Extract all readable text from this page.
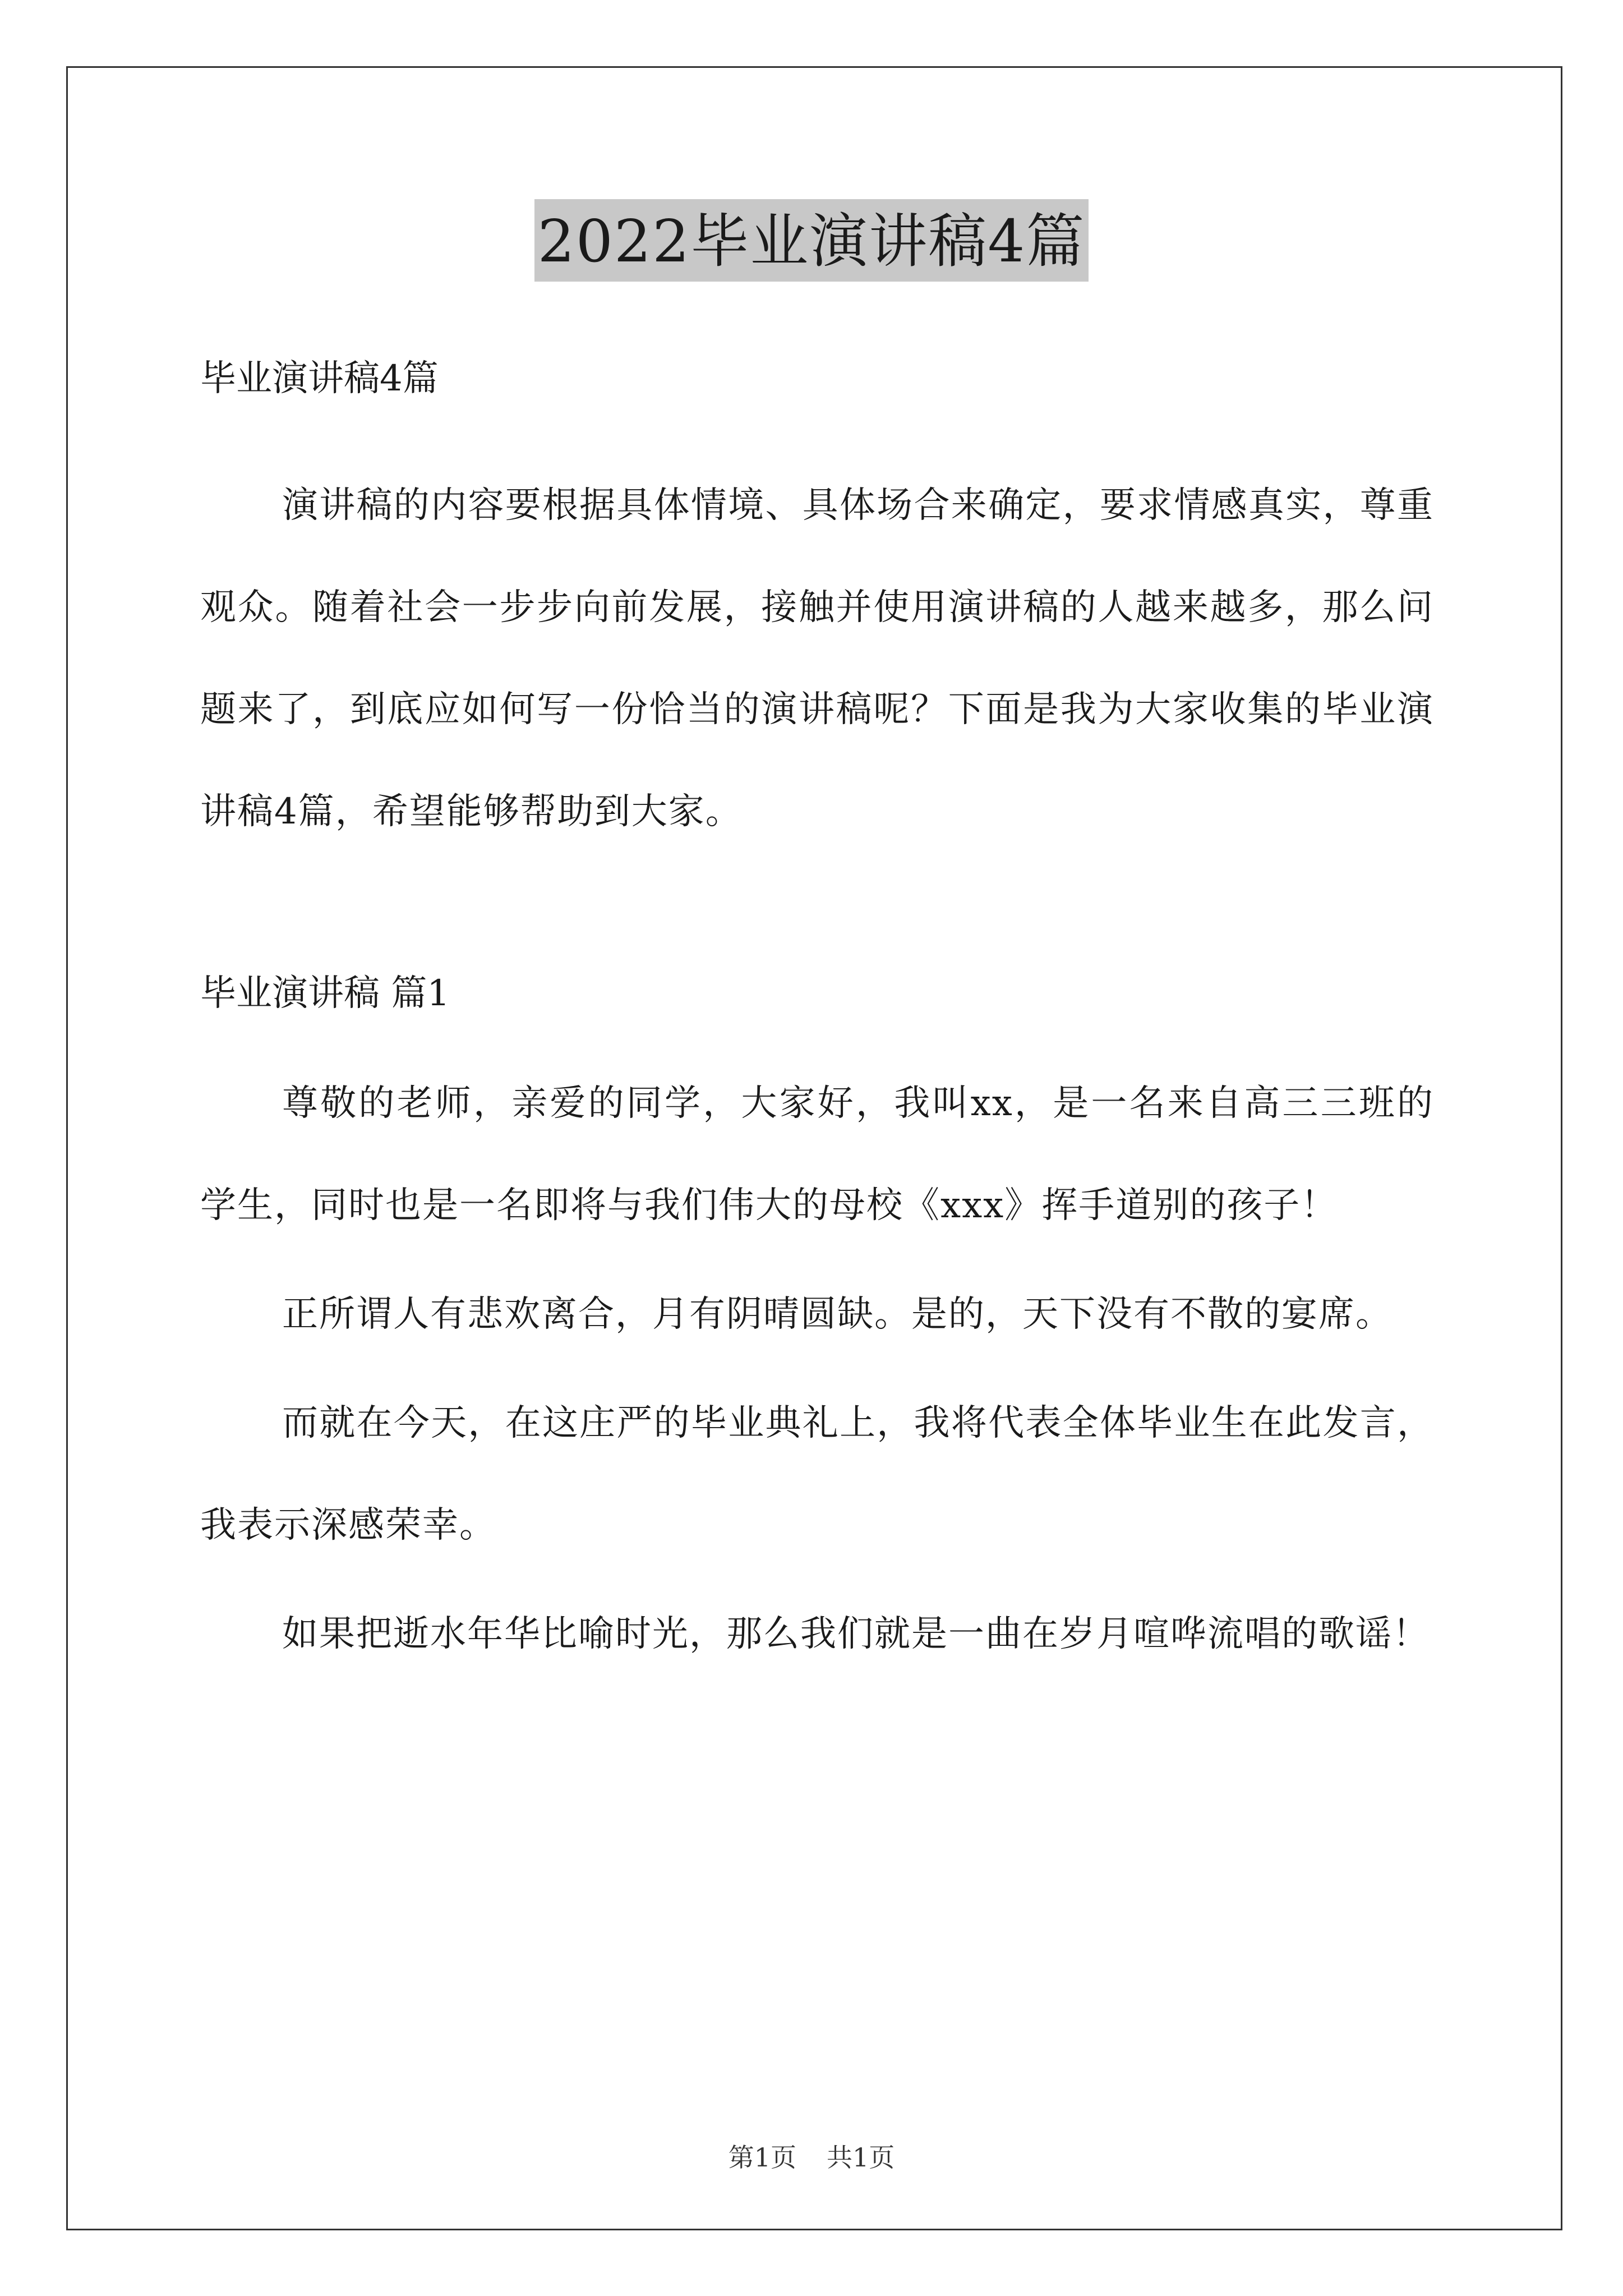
2022毕业演讲稿4篇

毕业演讲稿4篇

演讲稿的内容要根据具体情境、具体场合来确定，要求情感真实，尊重观众。随着社会一步步向前发展，接触并使用演讲稿的人越来越多，那么问题来了，到底应如何写一份恰当的演讲稿呢？下面是我为大家收集的毕业演讲稿4篇，希望能够帮助到大家。

毕业演讲稿 篇1

尊敬的老师，亲爱的同学，大家好，我叫xx，是一名来自高三三班的学生，同时也是一名即将与我们伟大的母校《xxx》挥手道别的孩子！

正所谓人有悲欢离合，月有阴晴圆缺。是的，天下没有不散的宴席。

而就在今天，在这庄严的毕业典礼上，我将代表全体毕业生在此发言，我表示深感荣幸。

如果把逝水年华比喻时光，那么我们就是一曲在岁月喧哗流唱的歌谣！

第1页 共1页
